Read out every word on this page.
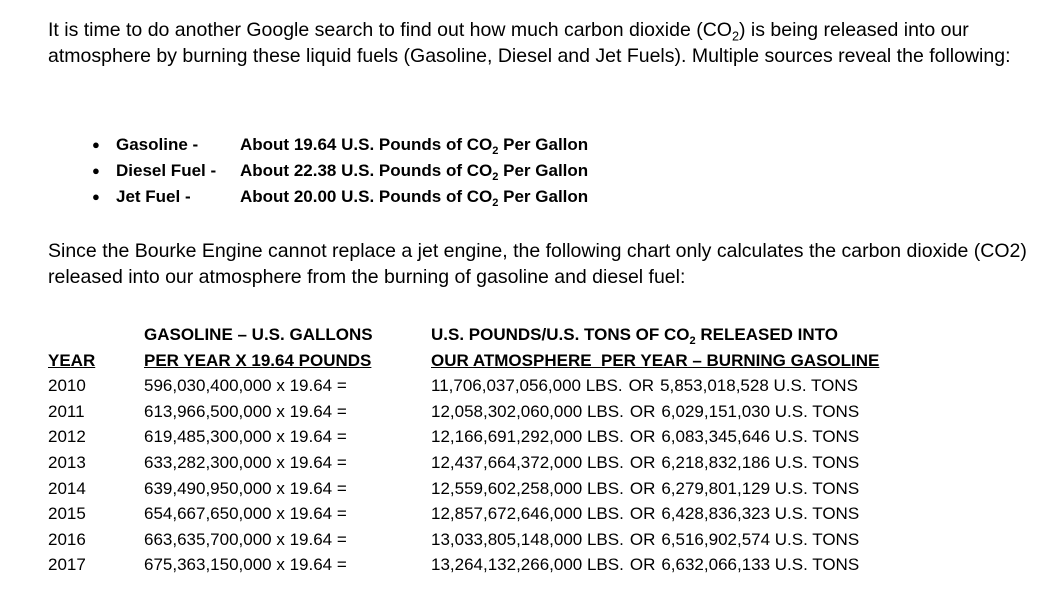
It is time to do another Google search to find out how much carbon dioxide $(CO_2)$ is being released into our atmosphere by burning these liquid fuels (Gasoline, Diesel and Jet Fuels). Multiple sources reveal the following:
● Gasoline - About 19.64 U.S. Pounds of $CO_2$ Per Gallon
● Diesel Fuel - About 22.38 U.S. Pounds of $CO_2$ Per Gallon
● Jet Fuel -	About 20.00 U.S. Pounds of $CO_2$ Per Gallon
Since the Bourke Engine cannot replace a jet engine, the following chart only calculates the carbon dioxide (CO2) released into our atmosphere from the burning of gasoline and diesel fuel:
GASOLINE – U.S. GALLONS	U.S. POUNDS/U.S. TONS OF $CO_2$ RELEASED INTO
YEAR	PER YEAR X 19.64 POUNDS	OUR ATMOSPHERE  PER YEAR – BURNING GASOLINE
2010	596,030,400,000 x 19.64 =	11,706,037,056,000 LBS. OR 5,853,018,528 U.S. TONS
2011	613,966,500,000 x 19.64 =	12,058,302,060,000 LBS. OR 6,029,151,030 U.S. TONS
2012	619,485,300,000 x 19.64 =	12,166,691,292,000 LBS. OR 6,083,345,646 U.S. TONS
2013	633,282,300,000 x 19.64 =	12,437,664,372,000 LBS. OR 6,218,832,186 U.S. TONS
2014	639,490,950,000 x 19.64 =	12,559,602,258,000 LBS. OR 6,279,801,129 U.S. TONS
2015	654,667,650,000 x 19.64 =	12,857,672,646,000 LBS. OR 6,428,836,323 U.S. TONS
2016	663,635,700,000 x 19.64 =	13,033,805,148,000 LBS. OR 6,516,902,574 U.S. TONS
2017	675,363,150,000 x 19.64 =	13,264,132,266,000 LBS. OR 6,632,066,133 U.S. TONS
